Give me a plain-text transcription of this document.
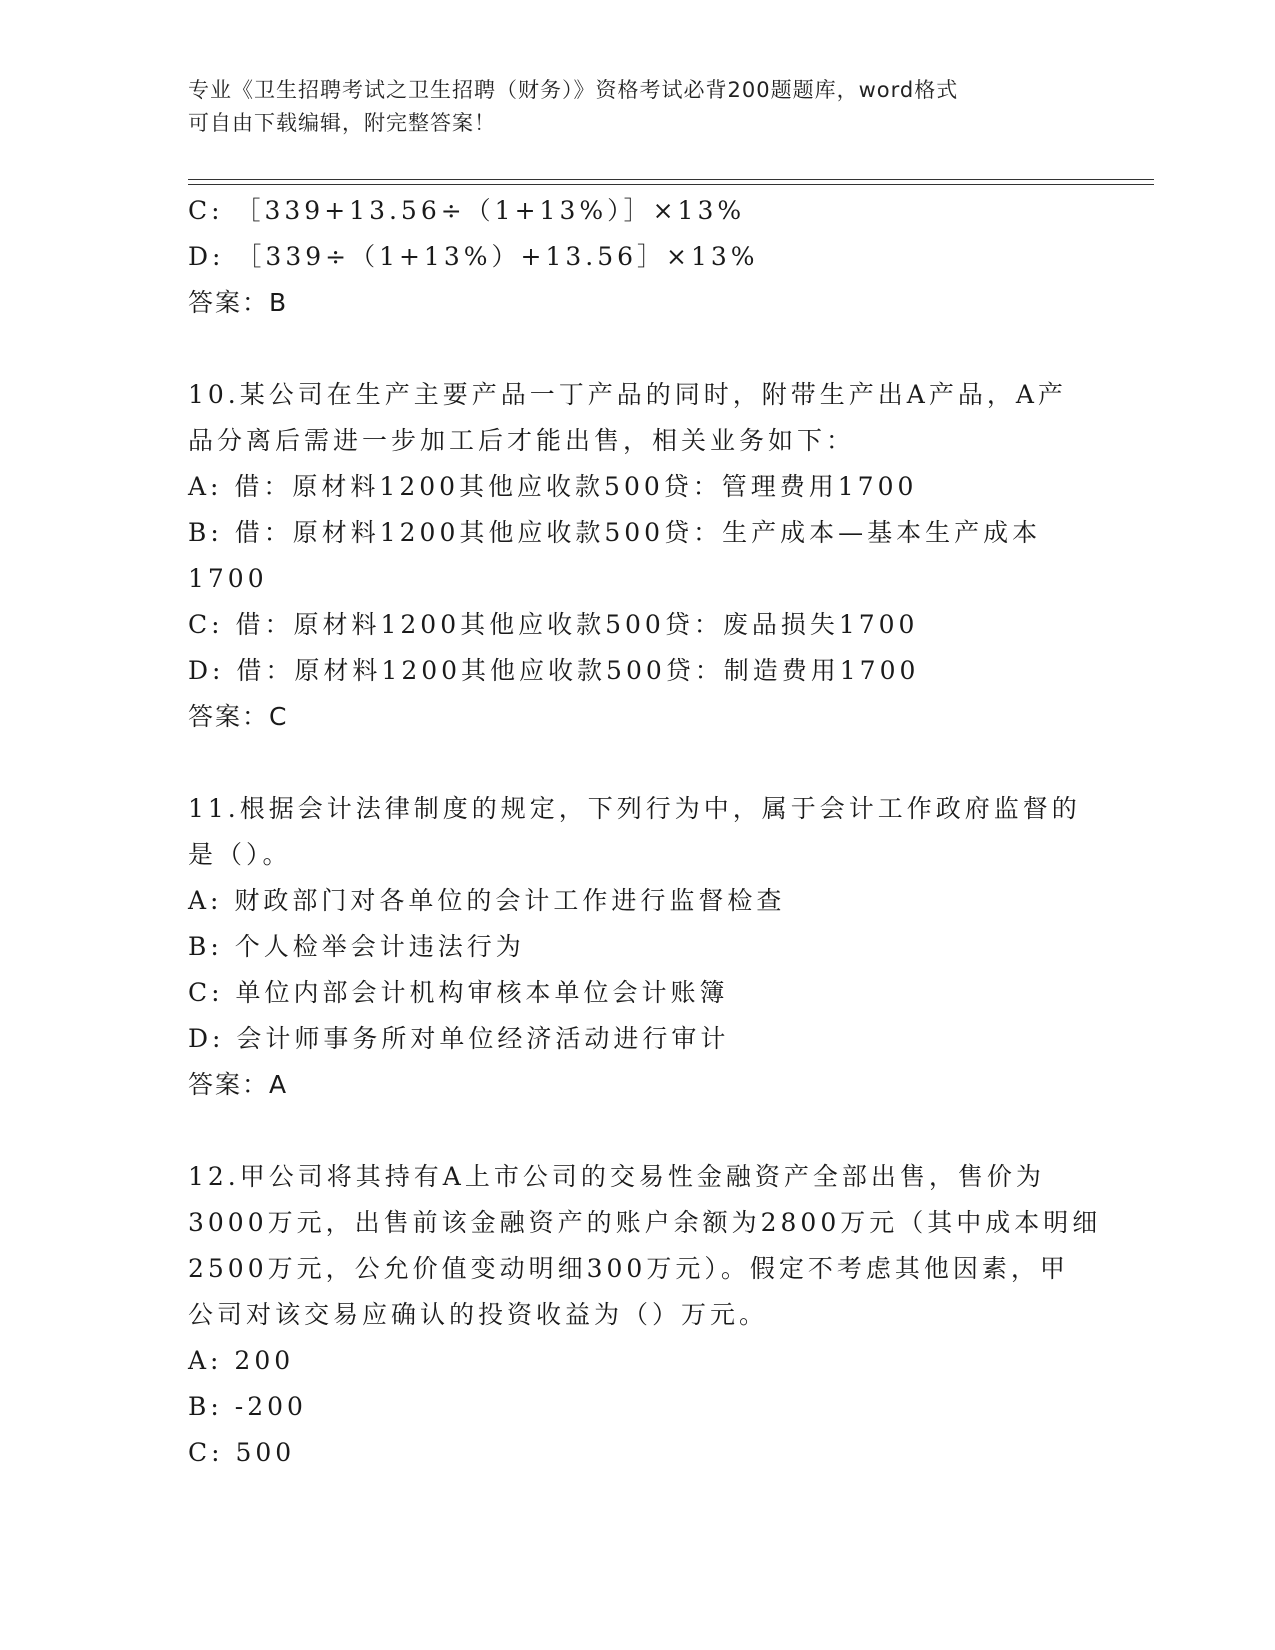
专业《卫生招聘考试之卫生招聘（财务）》资格考试必背200题题库，word格式
可自由下载编辑，附完整答案！
C: ［339+13.56÷（1+13%）］×13%
D: ［339÷（1+13%）+13.56］×13%
答案：B
10.某公司在生产主要产品一丁产品的同时，附带生产出A产品，A产
品分离后需进一步加工后才能出售，相关业务如下：
A: 借：原材料1200其他应收款500贷：管理费用1700
B: 借：原材料1200其他应收款500贷：生产成本—基本生产成本
1700
C: 借：原材料1200其他应收款500贷：废品损失1700
D: 借：原材料1200其他应收款500贷：制造费用1700
答案：C
11.根据会计法律制度的规定，下列行为中，属于会计工作政府监督的
是（）。
A: 财政部门对各单位的会计工作进行监督检查
B: 个人检举会计违法行为
C: 单位内部会计机构审核本单位会计账簿
D: 会计师事务所对单位经济活动进行审计
答案：A
12.甲公司将其持有A上市公司的交易性金融资产全部出售，售价为
3000万元，出售前该金融资产的账户余额为2800万元（其中成本明细
2500万元，公允价值变动明细300万元）。假定不考虑其他因素，甲
公司对该交易应确认的投资收益为（）万元。
A: 200
B: -200
C: 500
